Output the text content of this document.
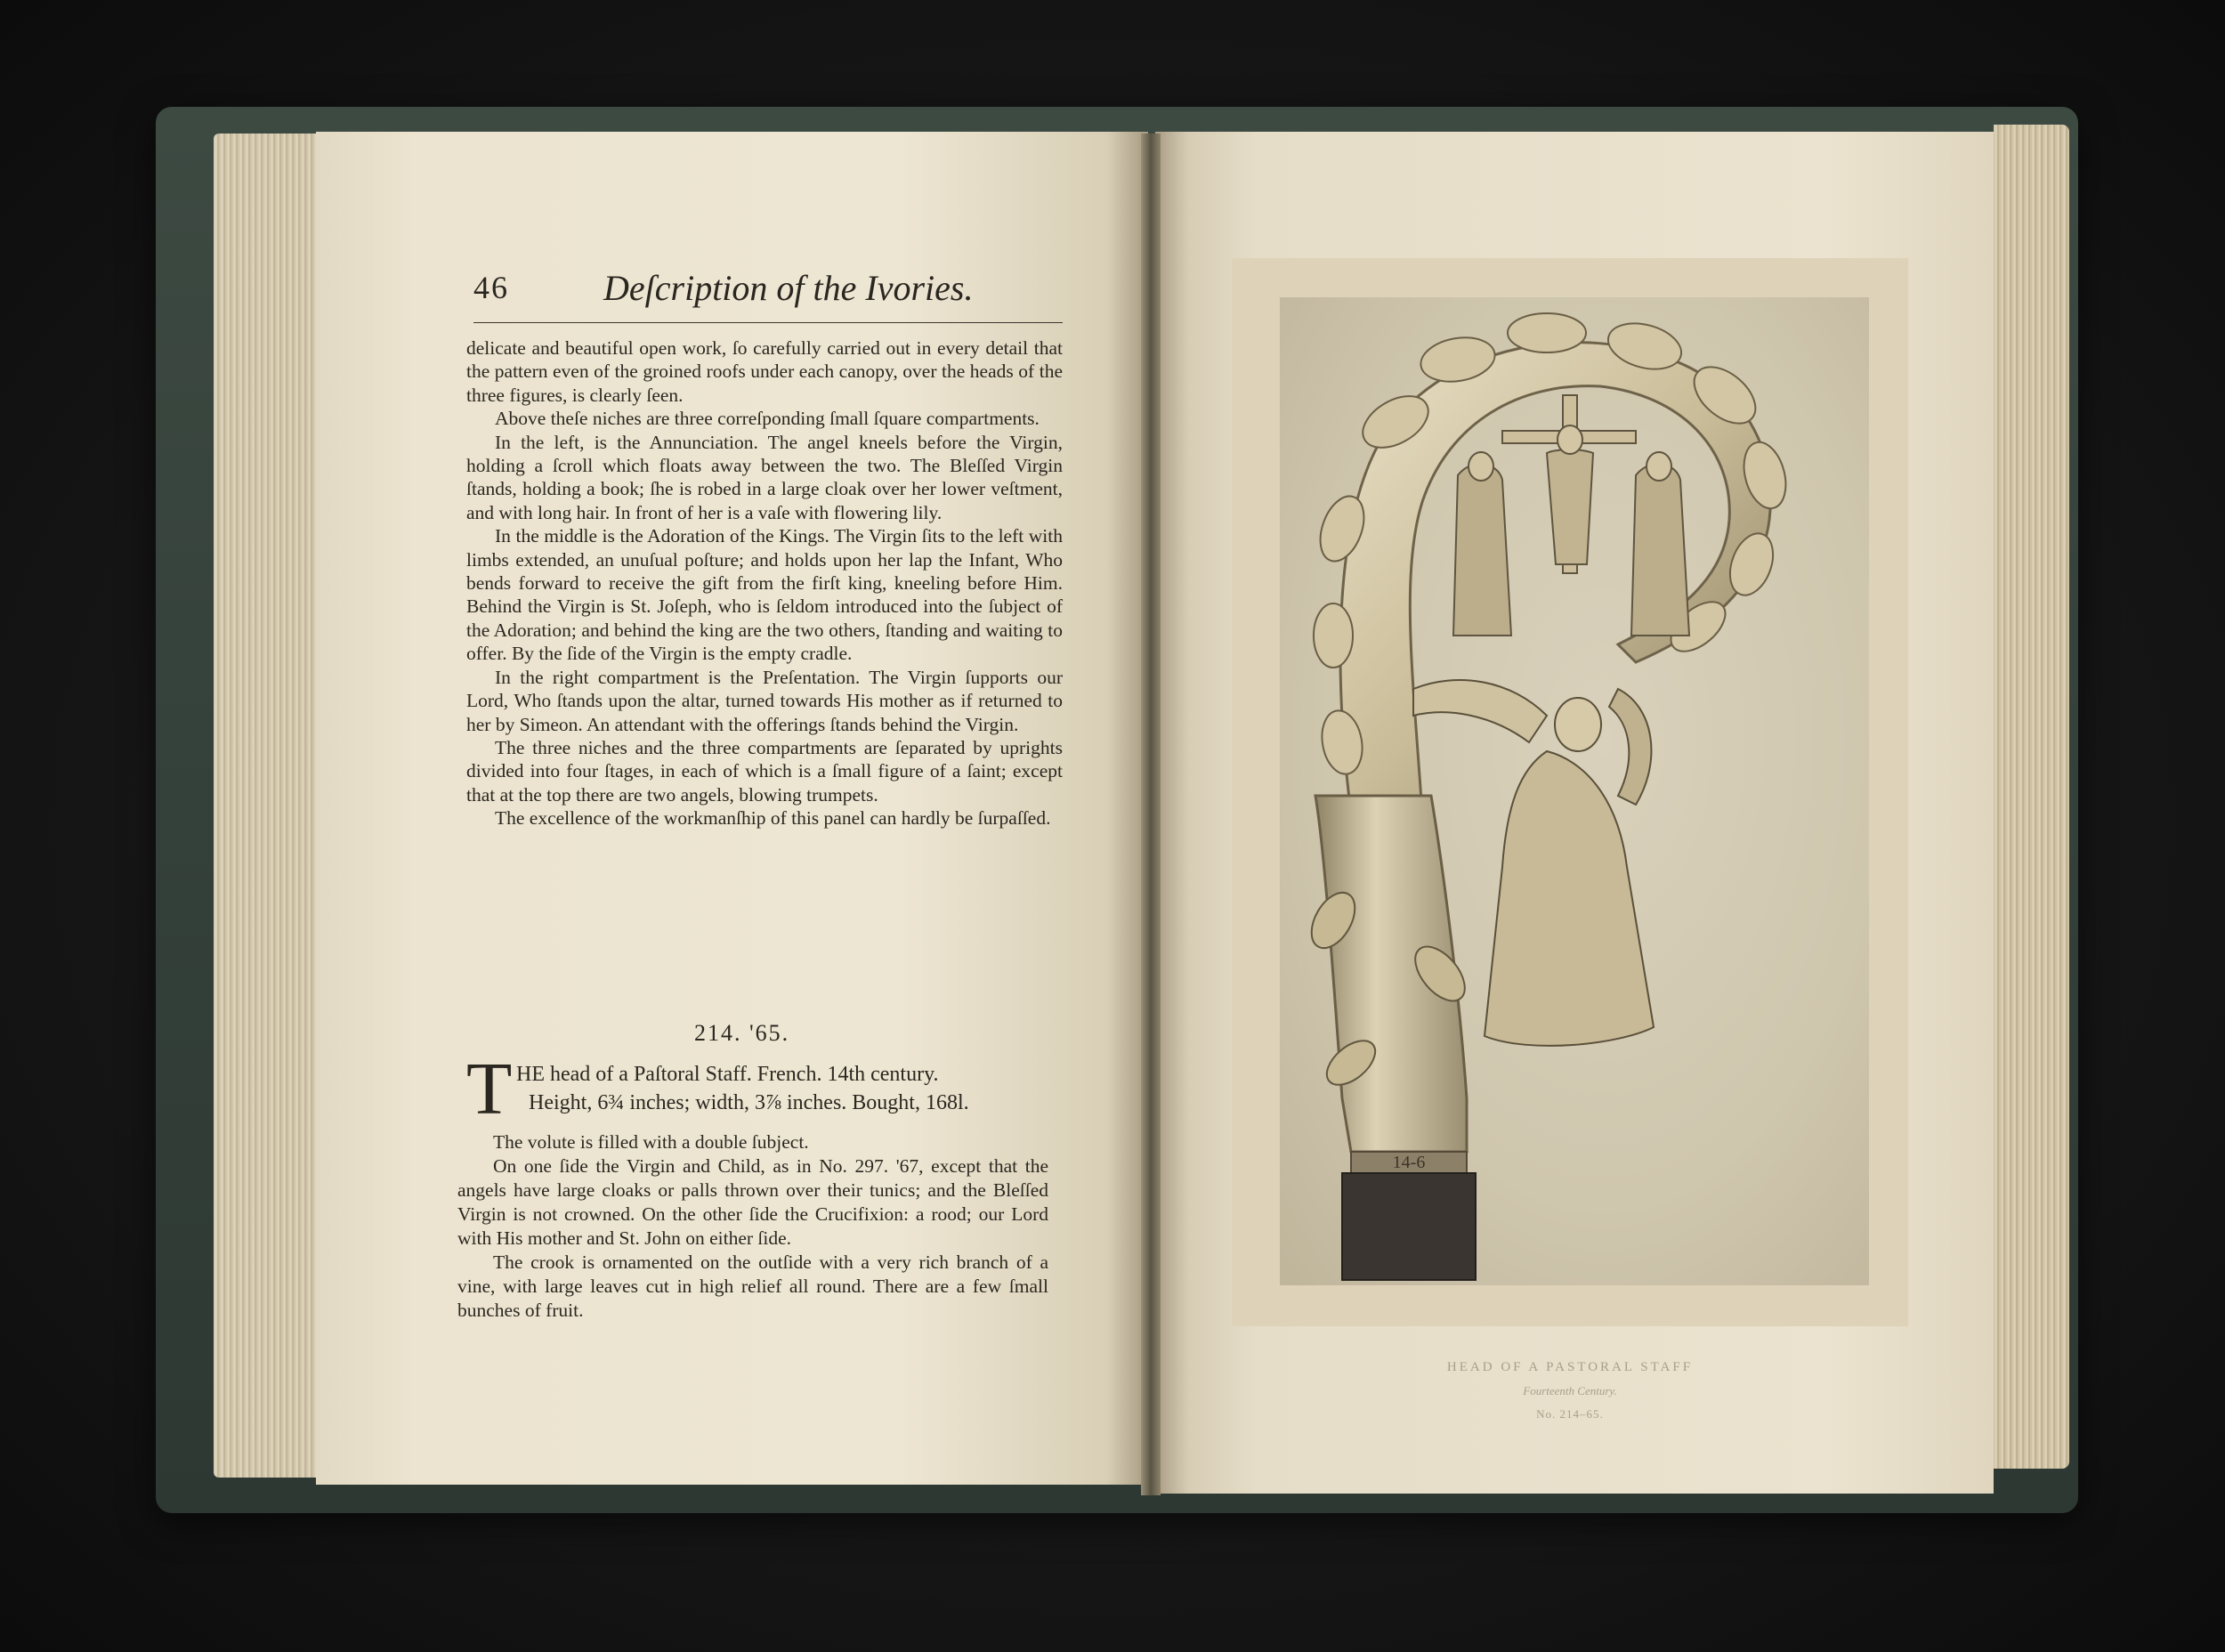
46	Deſcription of the Ivories.

delicate and beautiful open work, ſo carefully carried out in every detail that the pattern even of the groined roofs under each canopy, over the heads of the three figures, is clearly ſeen.

Above theſe niches are three correſponding ſmall ſquare compartments.

In the left, is the Annunciation. The angel kneels before the Virgin, holding a ſcroll which floats away between the two. The Bleſſed Virgin ſtands, holding a book; ſhe is robed in a large cloak over her lower veſtment, and with long hair. In front of her is a vaſe with flowering lily.

In the middle is the Adoration of the Kings. The Virgin ſits to the left with limbs extended, an unuſual poſture; and holds upon her lap the Infant, Who bends forward to receive the gift from the firſt king, kneeling before Him. Behind the Virgin is St. Joſeph, who is ſeldom introduced into the ſubject of the Adoration; and behind the king are the two others, ſtanding and waiting to offer. By the ſide of the Virgin is the empty cradle.

In the right compartment is the Preſentation. The Virgin ſupports our Lord, Who ſtands upon the altar, turned towards His mother as if returned to her by Simeon. An attendant with the offerings ſtands behind the Virgin.

The three niches and the three compartments are ſeparated by uprights divided into four ſtages, in each of which is a ſmall figure of a ſaint; except that at the top there are two angels, blowing trumpets.

The excellence of the workmanſhip of this panel can hardly be ſurpaſſed.

214. '65.
T HE head of a Paſtoral Staff. French. 14th century.
Height, 6¾ inches; width, 3⅞ inches. Bought, 168l.

The volute is filled with a double ſubject.

On one ſide the Virgin and Child, as in No. 297. '67, except that the angels have large cloaks or palls thrown over their tunics; and the Bleſſed Virgin is not crowned. On the other ſide the Crucifixion: a rood; our Lord with His mother and St. John on either ſide.

The crook is ornamented on the outſide with a very rich branch of a vine, with large leaves cut in high relief all round. There are a few ſmall bunches of fruit.

14-6
HEAD OF A PASTORAL STAFF
Fourteenth Century.
No. 214–65.
